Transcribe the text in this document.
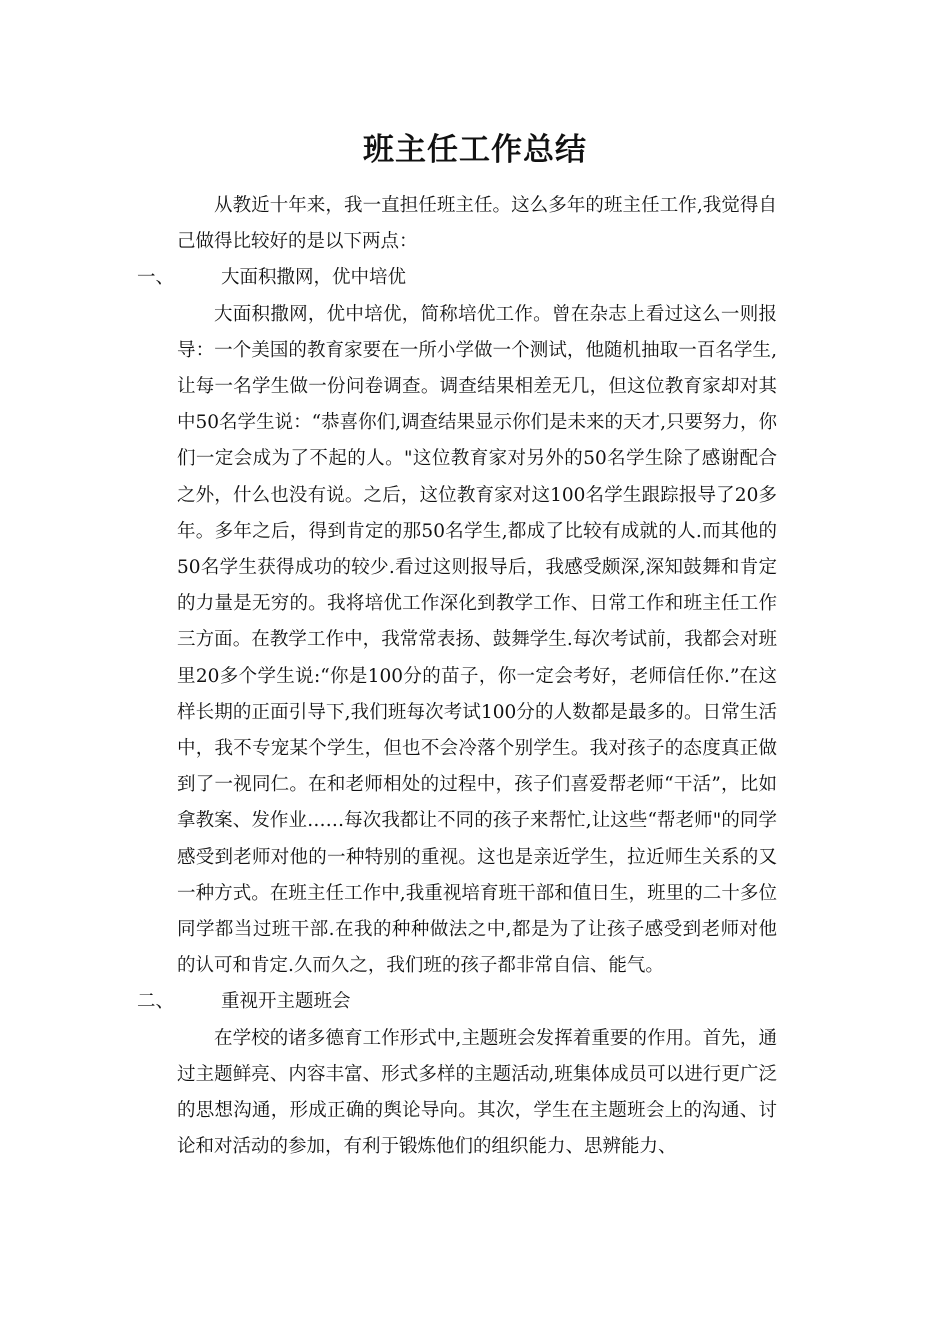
班主任工作总结

从教近十年来，我一直担任班主任。这么多年的班主任工作,我觉得自己做得比较好的是以下两点：

一、	大面积撒网，优中培优

大面积撒网，优中培优，简称培优工作。曾在杂志上看过这么一则报导：一个美国的教育家要在一所小学做一个测试，他随机抽取一百名学生,让每一名学生做一份问卷调查。调查结果相差无几，但这位教育家却对其中50名学生说：“恭喜你们,调查结果显示你们是未来的天才,只要努力，你们一定会成为了不起的人。"这位教育家对另外的50名学生除了感谢配合之外，什么也没有说。之后，这位教育家对这100名学生跟踪报导了20多年。多年之后，得到肯定的那50名学生,都成了比较有成就的人.而其他的50名学生获得成功的较少.看过这则报导后，我感受颇深,深知鼓舞和肯定的力量是无穷的。我将培优工作深化到教学工作、日常工作和班主任工作三方面。在教学工作中，我常常表扬、鼓舞学生.每次考试前，我都会对班里20多个学生说:“你是100分的苗子，你一定会考好，老师信任你.”在这样长期的正面引导下,我们班每次考试100分的人数都是最多的。日常生活中，我不专宠某个学生，但也不会冷落个别学生。我对孩子的态度真正做到了一视同仁。在和老师相处的过程中，孩子们喜爱帮老师“干活”，比如拿教案、发作业……每次我都让不同的孩子来帮忙,让这些“帮老师"的同学感受到老师对他的一种特别的重视。这也是亲近学生，拉近师生关系的又一种方式。在班主任工作中,我重视培育班干部和值日生，班里的二十多位同学都当过班干部.在我的种种做法之中,都是为了让孩子感受到老师对他的认可和肯定.久而久之，我们班的孩子都非常自信、能气。

二、	重视开主题班会

在学校的诸多德育工作形式中,主题班会发挥着重要的作用。首先，通过主题鲜亮、内容丰富、形式多样的主题活动,班集体成员可以进行更广泛的思想沟通，形成正确的舆论导向。其次，学生在主题班会上的沟通、讨论和对活动的参加，有利于锻炼他们的组织能力、思辨能力、
